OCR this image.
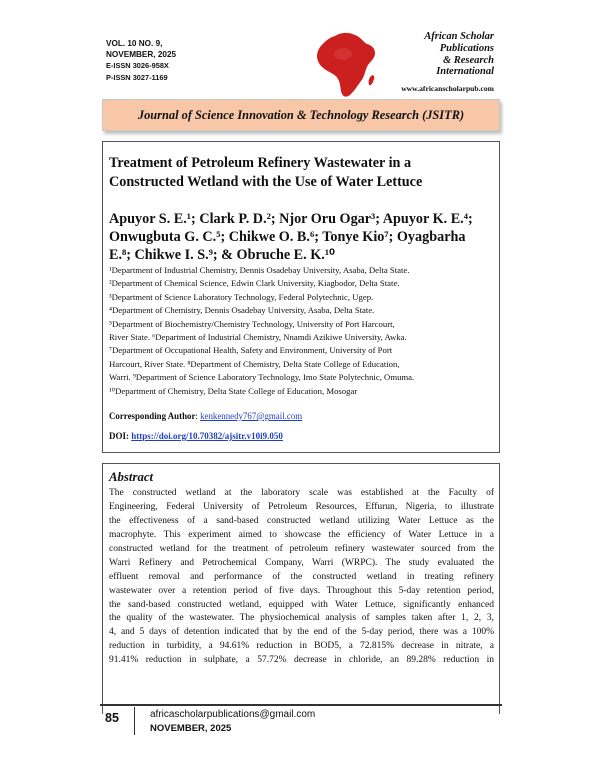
VOL. 10 NO. 9,
NOVEMBER, 2025
E-ISSN 3026-958X
P-ISSN 3027-1169
African Scholar
Publications
& Research
International
www.africanscholarpub.com
Journal of Science Innovation & Technology Research (JSITR)
Treatment of Petroleum Refinery Wastewater in a
Constructed Wetland with the Use of Water Lettuce
Apuyor S. E.¹; Clark P. D.²; Njor Oru Ogar³; Apuyor K. E.⁴;
Onwugbuta G. C.⁵; Chikwe O. B.⁶; Tonye Kio⁷; Oyagbarha
E.⁸; Chikwe I. S.⁹; & Obruche E. K.¹⁰
¹Department of Industrial Chemistry, Dennis Osadebay University, Asaba, Delta State.
²Department of Chemical Science, Edwin Clark University, Kiagbodor, Delta State.
³Department of Science Laboratory Technology, Federal Polytechnic, Ugep.
⁴Department of Chemistry, Dennis Osadebay University, Asaba, Delta State.
⁵Department of Biochemistry/Chemistry Technology, University of Port Harcourt,
River State. ⁶Department of Industrial Chemistry, Nnamdi Azikiwe University, Awka.
⁷Department of Occupational Health, Safety and Environment, University of Port
Harcourt, River State. ⁸Department of Chemistry, Delta State College of Education,
Warri. ⁹Department of Science Laboratory Technology, Imo State Polytechnic, Omuma.
¹⁰Department of Chemistry, Delta State College of Education, Mosogar
Corresponding Author: kenkennedy767@gmail.com
DOI: https://doi.org/10.70382/ajsitr.v10i9.050
Abstract
The constructed wetland at the laboratory scale was established at the Faculty of
Engineering, Federal University of Petroleum Resources, Effurun, Nigeria, to illustrate
the effectiveness of a sand-based constructed wetland utilizing Water Lettuce as the
macrophyte. This experiment aimed to showcase the efficiency of Water Lettuce in a
constructed wetland for the treatment of petroleum refinery wastewater sourced from the
Warri Refinery and Petrochemical Company, Warri (WRPC). The study evaluated the
effluent removal and performance of the constructed wetland in treating refinery
wastewater over a retention period of five days. Throughout this 5-day retention period,
the sand-based constructed wetland, equipped with Water Lettuce, significantly enhanced
the quality of the wastewater. The physiochemical analysis of samples taken after 1, 2, 3,
4, and 5 days of detention indicated that by the end of the 5-day period, there was a 100%
reduction in turbidity, a 94.61% reduction in BOD5, a 72.815% decrease in nitrate, a
91.41% reduction in sulphate, a 57.72% decrease in chloride, an 89.28% reduction in
85	africascholarpublications@gmail.com
NOVEMBER, 2025
